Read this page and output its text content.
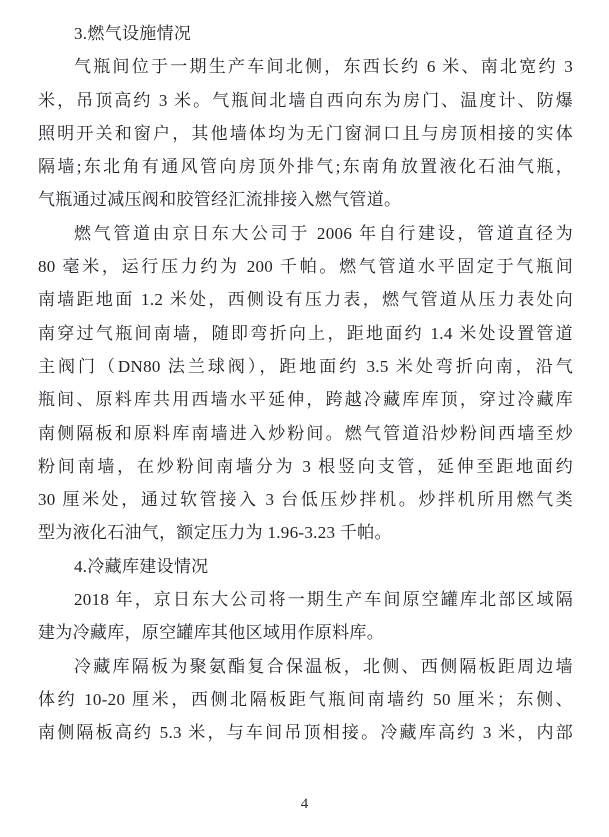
3.燃气设施情况
气瓶间位于一期生产车间北侧，东西长约 6 米、南北宽约 3
米，吊顶高约 3 米。气瓶间北墙自西向东为房门、温度计、防爆
照明开关和窗户，其他墙体均为无门窗洞口且与房顶相接的实体
隔墙;东北角有通风管向房顶外排气;东南角放置液化石油气瓶，
气瓶通过减压阀和胶管经汇流排接入燃气管道。
燃气管道由京日东大公司于 2006 年自行建设，管道直径为
80 毫米，运行压力约为 200 千帕。燃气管道水平固定于气瓶间
南墙距地面 1.2 米处，西侧设有压力表，燃气管道从压力表处向
南穿过气瓶间南墙，随即弯折向上，距地面约 1.4 米处设置管道
主阀门（DN80 法兰球阀），距地面约 3.5 米处弯折向南，沿气
瓶间、原料库共用西墙水平延伸，跨越冷藏库库顶，穿过冷藏库
南侧隔板和原料库南墙进入炒粉间。燃气管道沿炒粉间西墙至炒
粉间南墙，在炒粉间南墙分为 3 根竖向支管，延伸至距地面约
30 厘米处，通过软管接入 3 台低压炒拌机。炒拌机所用燃气类
型为液化石油气，额定压力为 1.96-3.23 千帕。
4.冷藏库建设情况
2018 年，京日东大公司将一期生产车间原空罐库北部区域隔
建为冷藏库，原空罐库其他区域用作原料库。
冷藏库隔板为聚氨酯复合保温板，北侧、西侧隔板距周边墙
体约 10-20 厘米，西侧北隔板距气瓶间南墙约 50 厘米；东侧、
南侧隔板高约 5.3 米，与车间吊顶相接。冷藏库高约 3 米，内部
4
